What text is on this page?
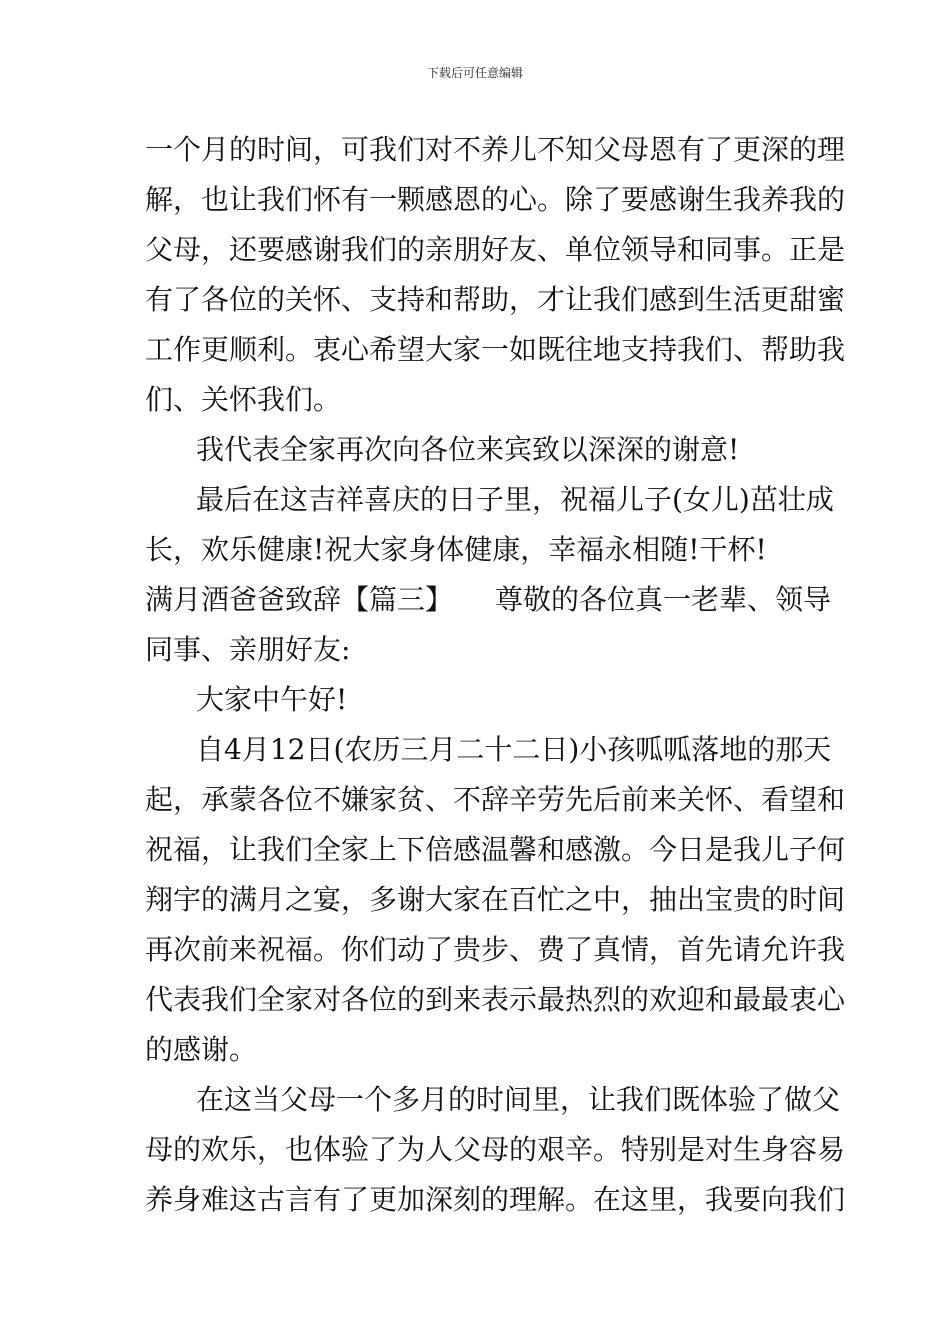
下载后可任意编辑
一个月的时间，可我们对不养儿不知父母恩有了更深的理
解，也让我们怀有一颗感恩的心。除了要感谢生我养我的
父母，还要感谢我们的亲朋好友、单位领导和同事。正是
有了各位的关怀、支持和帮助，才让我们感到生活更甜蜜
工作更顺利。衷心希望大家一如既往地支持我们、帮助我
们、关怀我们。
我代表全家再次向各位来宾致以深深的谢意!
最后在这吉祥喜庆的日子里，祝福儿子(女儿)茁壮成
长，欢乐健康!祝大家身体健康，幸福永相随!干杯!
满月酒爸爸致辞【篇三】　　尊敬的各位真一老辈、领导
同事、亲朋好友:
大家中午好!
自4月12日(农历三月二十二日)小孩呱呱落地的那天
起，承蒙各位不嫌家贫、不辞辛劳先后前来关怀、看望和
祝福，让我们全家上下倍感温馨和感激。今日是我儿子何
翔宇的满月之宴，多谢大家在百忙之中，抽出宝贵的时间
再次前来祝福。你们动了贵步、费了真情，首先请允许我
代表我们全家对各位的到来表示最热烈的欢迎和最最衷心
的感谢。
在这当父母一个多月的时间里，让我们既体验了做父
母的欢乐，也体验了为人父母的艰辛。特别是对生身容易
养身难这古言有了更加深刻的理解。在这里，我要向我们
